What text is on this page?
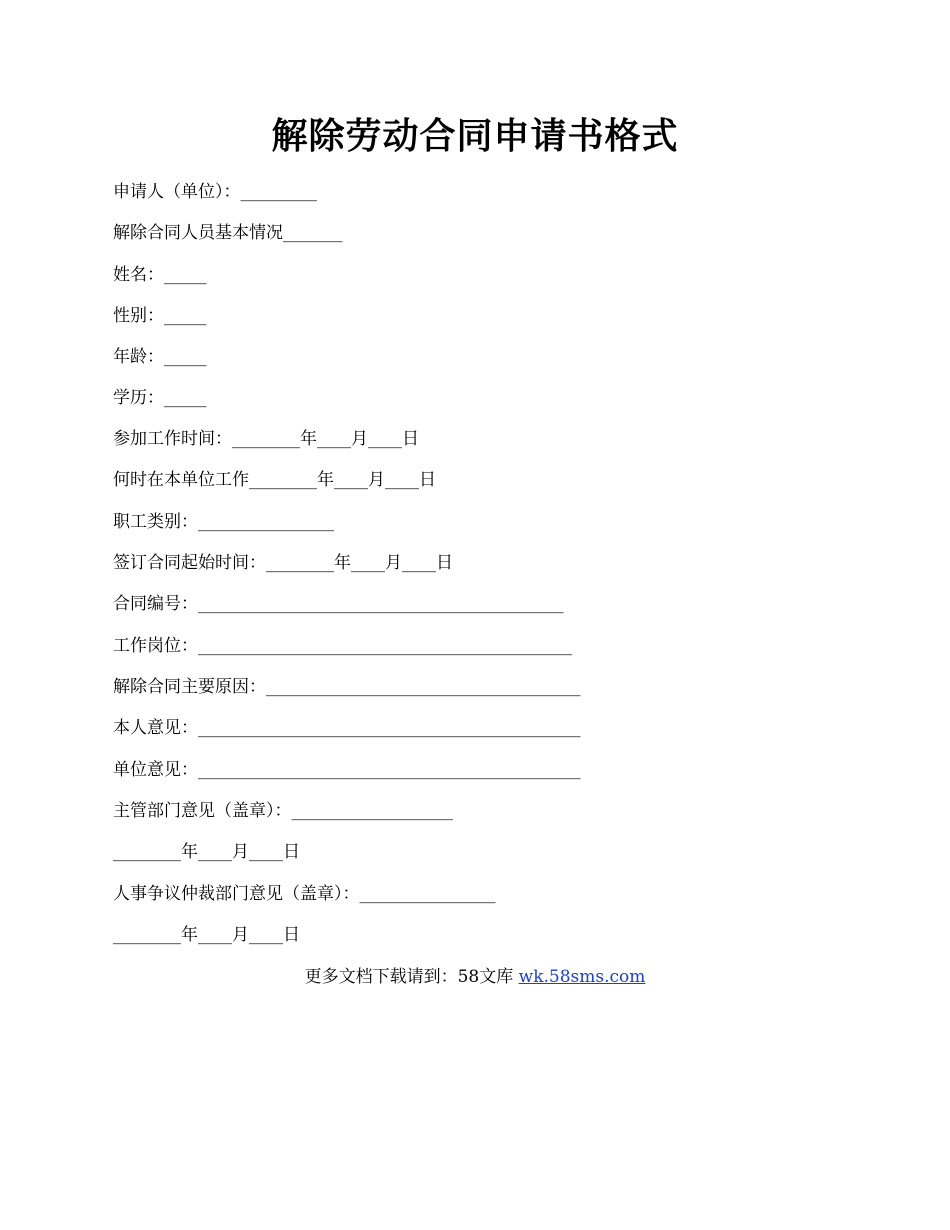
解除劳动合同申请书格式
申请人（单位）：_________
解除合同人员基本情况_______
姓名：_____
性别：_____
年龄：_____
学历：_____
参加工作时间：________年____月____日
何时在本单位工作________年____月____日
职工类别：________________
签订合同起始时间：________年____月____日
合同编号：___________________________________________
工作岗位：____________________________________________
解除合同主要原因：_____________________________________
本人意见：_____________________________________________
单位意见：_____________________________________________
主管部门意见（盖章）：___________________
________年____月____日
人事争议仲裁部门意见（盖章）：________________
________年____月____日
更多文档下载请到：58文库 wk.58sms.com
